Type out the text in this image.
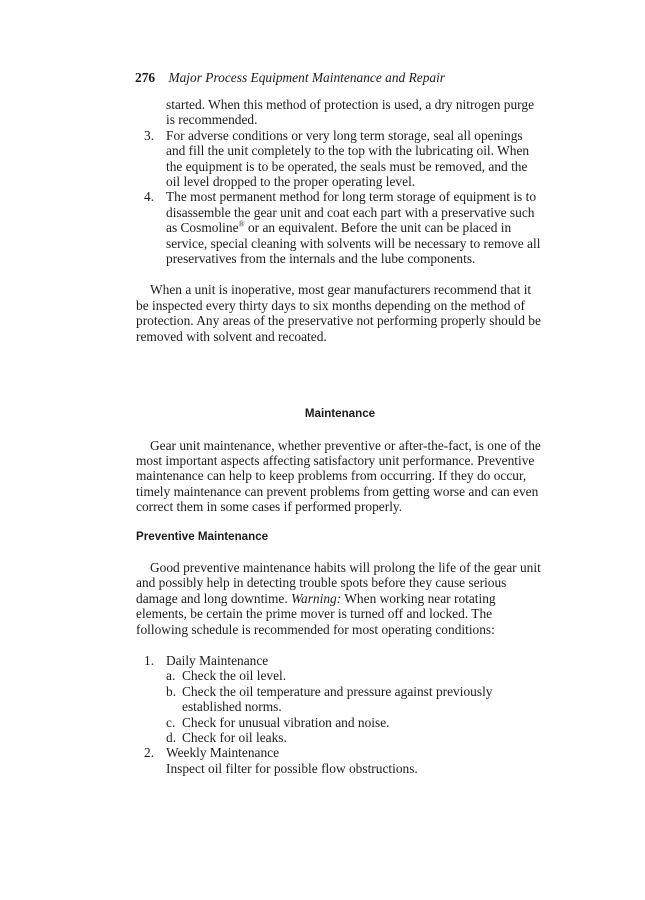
276 Major Process Equipment Maintenance and Repair

started. When this method of protection is used, a dry nitrogen purge is recommended.

3. For adverse conditions or very long term storage, seal all openings and fill the unit completely to the top with the lubricating oil. When the equipment is to be operated, the seals must be removed, and the oil level dropped to the proper operating level.
4. The most permanent method for long term storage of equipment is to disassemble the gear unit and coat each part with a preservative such as Cosmoline® or an equivalent. Before the unit can be placed in service, special cleaning with solvents will be necessary to remove all preservatives from the internals and the lube components.

When a unit is inoperative, most gear manufacturers recommend that it be inspected every thirty days to six months depending on the method of protection. Any areas of the preservative not performing properly should be removed with solvent and recoated.

Maintenance

Gear unit maintenance, whether preventive or after-the-fact, is one of the most important aspects affecting satisfactory unit performance. Preventive maintenance can help to keep problems from occurring. If they do occur, timely maintenance can prevent problems from getting worse and can even correct them in some cases if performed properly.

Preventive Maintenance

Good preventive maintenance habits will prolong the life of the gear unit and possibly help in detecting trouble spots before they cause serious damage and long downtime. Warning: When working near rotating elements, be certain the prime mover is turned off and locked. The following schedule is recommended for most operating conditions:

1. Daily Maintenance
a. Check the oil level.
b. Check the oil temperature and pressure against previously established norms.
c. Check for unusual vibration and noise.
d. Check for oil leaks.
2. Weekly Maintenance
Inspect oil filter for possible flow obstructions.
